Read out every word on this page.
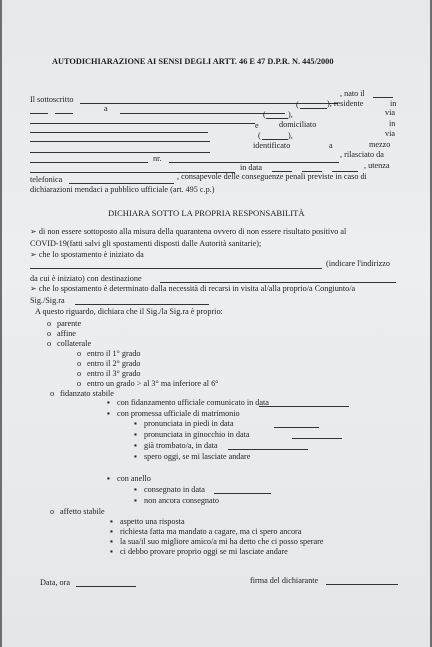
AUTODICHIARAZIONE AI SENSI DEGLI ARTT. 46 E 47 D.P.R. N. 445/2000
Il sottoscritto
, nato il
a	(	), residente	in
(	),	via
e domiciliato	in
(	),	via
identificato	a	mezzo
nr.	, rilasciato da
in data	, utenza
telefonica	, consapevole delle conseguenze penali previste in caso di
dichiarazioni mendaci a pubblico ufficiale (art. 495 c.p.)
DICHIARA SOTTO LA PROPRIA RESPONSABILITÀ
➢ di non essere sottoposto alla misura della quarantena ovvero di non essere risultato positivo al
COVID-19(fatti salvi gli spostamenti disposti dalle Autorità sanitarie);
➢ che lo spostamento è iniziato da
(indicare l'indirizzo
da cui è iniziato) con destinazione
➢ che lo spostamento è determinato dalla necessità di recarsi in visita al/alla proprio/a Congiunto/a
Sig./Sig.ra
A questo riguardo, dichiara che il Sig./la Sig.ra è proprio:
o parente
o affine
o collaterale
o entro il 1° grado
o entro il 2° grado
o entro il 3° grado
o entro un grado > al 3° ma inferiore al 6°
o fidanzato stabile
▪ con fidanzamento ufficiale comunicato in data
▪ con promessa ufficiale di matrimonio
▪ pronunciata in piedi in data
▪ pronunciata in ginocchio in data
▪ già trombato/a, in data
▪ spero oggi, se mi lasciate andare
▪ con anello
▪ consegnato in data
▪ non ancora consegnato
o affetto stabile
▪ aspetto una risposta
▪ richiesta fatta ma mandato a cagare, ma ci spero ancora
▪ la sua/il suo migliore amico/a mi ha detto che ci posso sperare
▪ ci debbo provare proprio oggi se mi lasciate andare
Data, ora	firma del dichiarante
